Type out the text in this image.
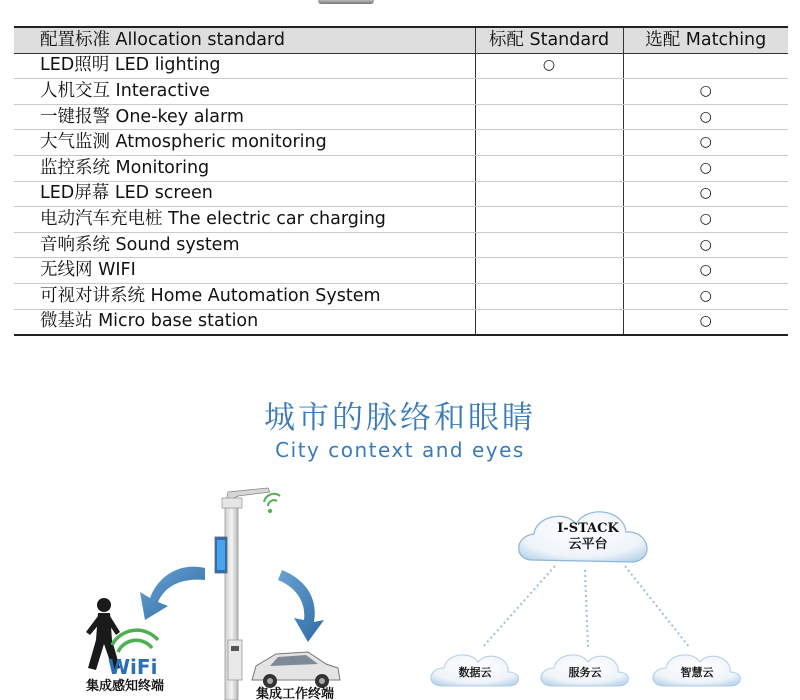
配置标准 Allocation standard	标配 Standard	选配 Matching
LED照明 LED lighting	○	
人机交互 Interactive		○
一键报警 One-key alarm		○
大气监测 Atmospheric monitoring		○
监控系统 Monitoring		○
LED屏幕 LED screen		○
电动汽车充电桩 The electric car charging		○
音响系统 Sound system		○
无线网 WIFI		○
可视对讲系统 Home Automation System		○
微基站 Micro base station		○
城市的脉络和眼睛
City context and eyes
WiFi
集成感知终端
集成工作终端
I-STACK
云平台
数据云	服务云	智慧云
